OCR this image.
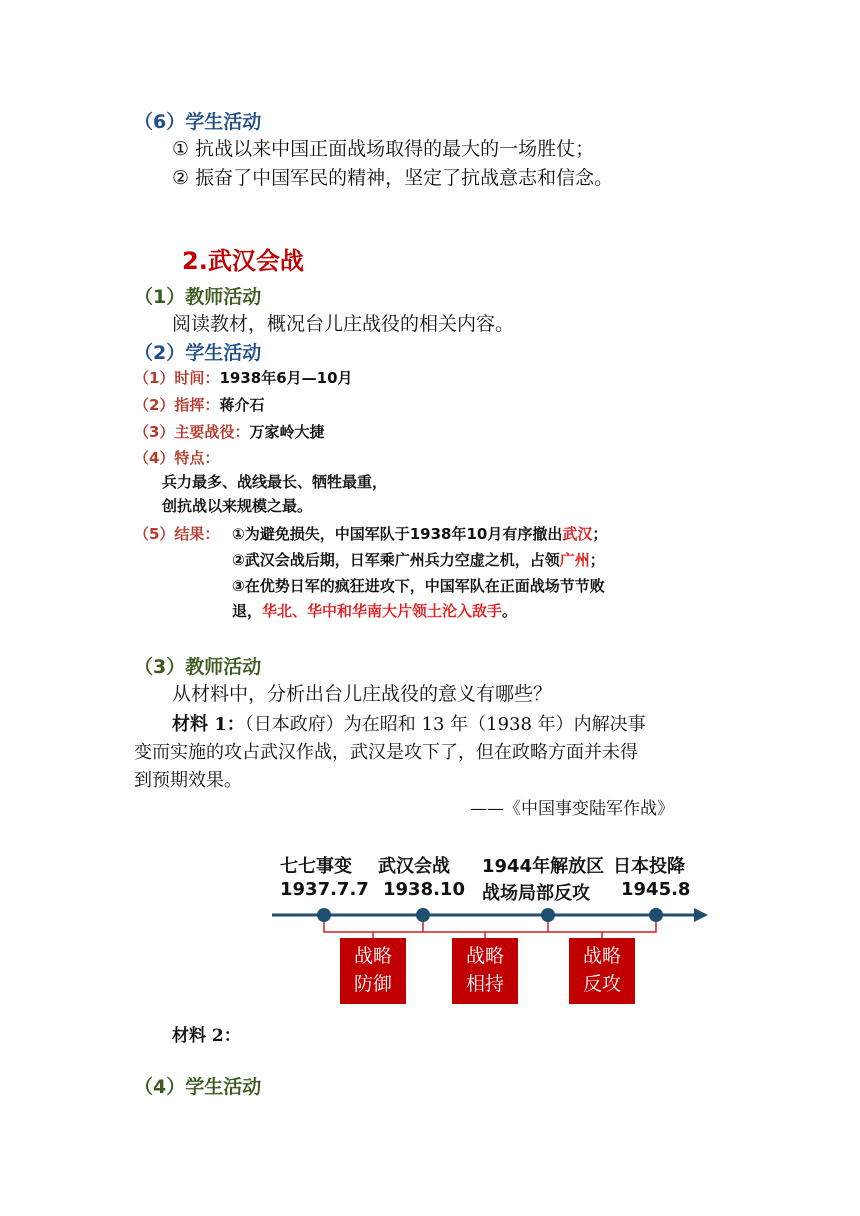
（6）学生活动
① 抗战以来中国正面战场取得的最大的一场胜仗；
② 振奋了中国军民的精神，坚定了抗战意志和信念。
2.武汉会战
（1）教师活动
阅读教材，概况台儿庄战役的相关内容。
（2）学生活动
（1）时间：1938年6月—10月
（2）指挥：蒋介石
（3）主要战役：万家岭大捷
（4）特点：
兵力最多、战线最长、牺牲最重，
创抗战以来规模之最。
（5）结果： ①为避免损失，中国军队于1938年10月有序撤出武汉；
②武汉会战后期，日军乘广州兵力空虚之机，占领广州；
③在优势日军的疯狂进攻下，中国军队在正面战场节节败
退，华北、华中和华南大片领土沦入敌手。
（3）教师活动
从材料中，分析出台儿庄战役的意义有哪些？
材料 1：（日本政府）为在昭和 13 年（1938 年）内解决事
变而实施的攻占武汉作战，武汉是攻下了，但在政略方面并未得
到预期效果。
——《中国事变陆军作战》
七七事变
1937.7.7
武汉会战
1938.10
1944年解放区
战场局部反攻
日本投降
1945.8
战略
防御
战略
相持
战略
反攻
材料 2：
（4）学生活动
